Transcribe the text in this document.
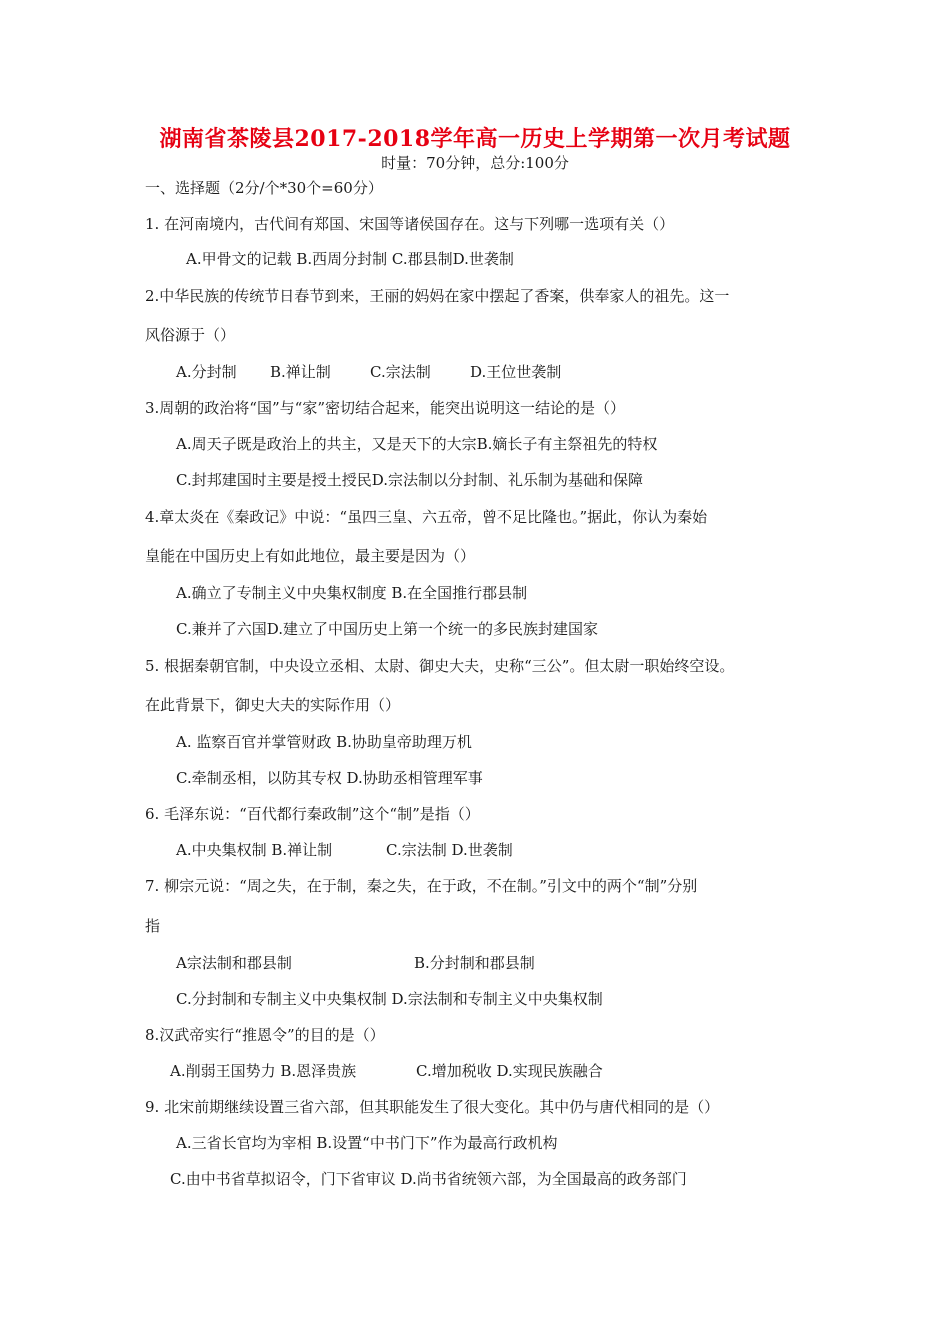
湖南省茶陵县2017-2018学年高一历史上学期第一次月考试题
时量：70分钟，总分:100分
一、选择题（2分/个*30个=60分）
1. 在河南境内，古代间有郑国、宋国等诸侯国存在。这与下列哪一选项有关（）
A.甲骨文的记载 B.西周分封制 C.郡县制D.世袭制
2.中华民族的传统节日春节到来，王丽的妈妈在家中摆起了香案，供奉家人的祖先。这一
风俗源于（）
A.分封制 B.禅让制	C.宗法制	D.王位世袭制
3.周朝的政治将“国”与“家”密切结合起来，能突出说明这一结论的是（）
A.周天子既是政治上的共主，又是天下的大宗B.嫡长子有主祭祖先的特权
C.封邦建国时主要是授土授民D.宗法制以分封制、礼乐制为基础和保障
4.章太炎在《秦政记》中说：“虽四三皇、六五帝，曾不足比隆也。”据此，你认为秦始
皇能在中国历史上有如此地位，最主要是因为（）
A.确立了专制主义中央集权制度 B.在全国推行郡县制
C.兼并了六国D.建立了中国历史上第一个统一的多民族封建国家
5. 根据秦朝官制，中央设立丞相、太尉、御史大夫，史称“三公”。但太尉一职始终空设。
在此背景下，御史大夫的实际作用（）
A. 监察百官并掌管财政 B.协助皇帝助理万机
C.牵制丞相，以防其专权 D.协助丞相管理军事
6. 毛泽东说：“百代都行秦政制”这个“制”是指（）
A.中央集权制 B.禅让制	C.宗法制 D.世袭制
7. 柳宗元说：“周之失，在于制，秦之失，在于政，不在制。”引文中的两个“制”分别
指
A宗法制和郡县制	B.分封制和郡县制
C.分封制和专制主义中央集权制 D.宗法制和专制主义中央集权制
8.汉武帝实行“推恩令”的目的是（）
A.削弱王国势力 B.恩泽贵族	C.增加税收 D.实现民族融合
9. 北宋前期继续设置三省六部，但其职能发生了很大变化。其中仍与唐代相同的是（）
A.三省长官均为宰相 B.设置“中书门下”作为最高行政机构
C.由中书省草拟诏令，门下省审议 D.尚书省统领六部，为全国最高的政务部门
